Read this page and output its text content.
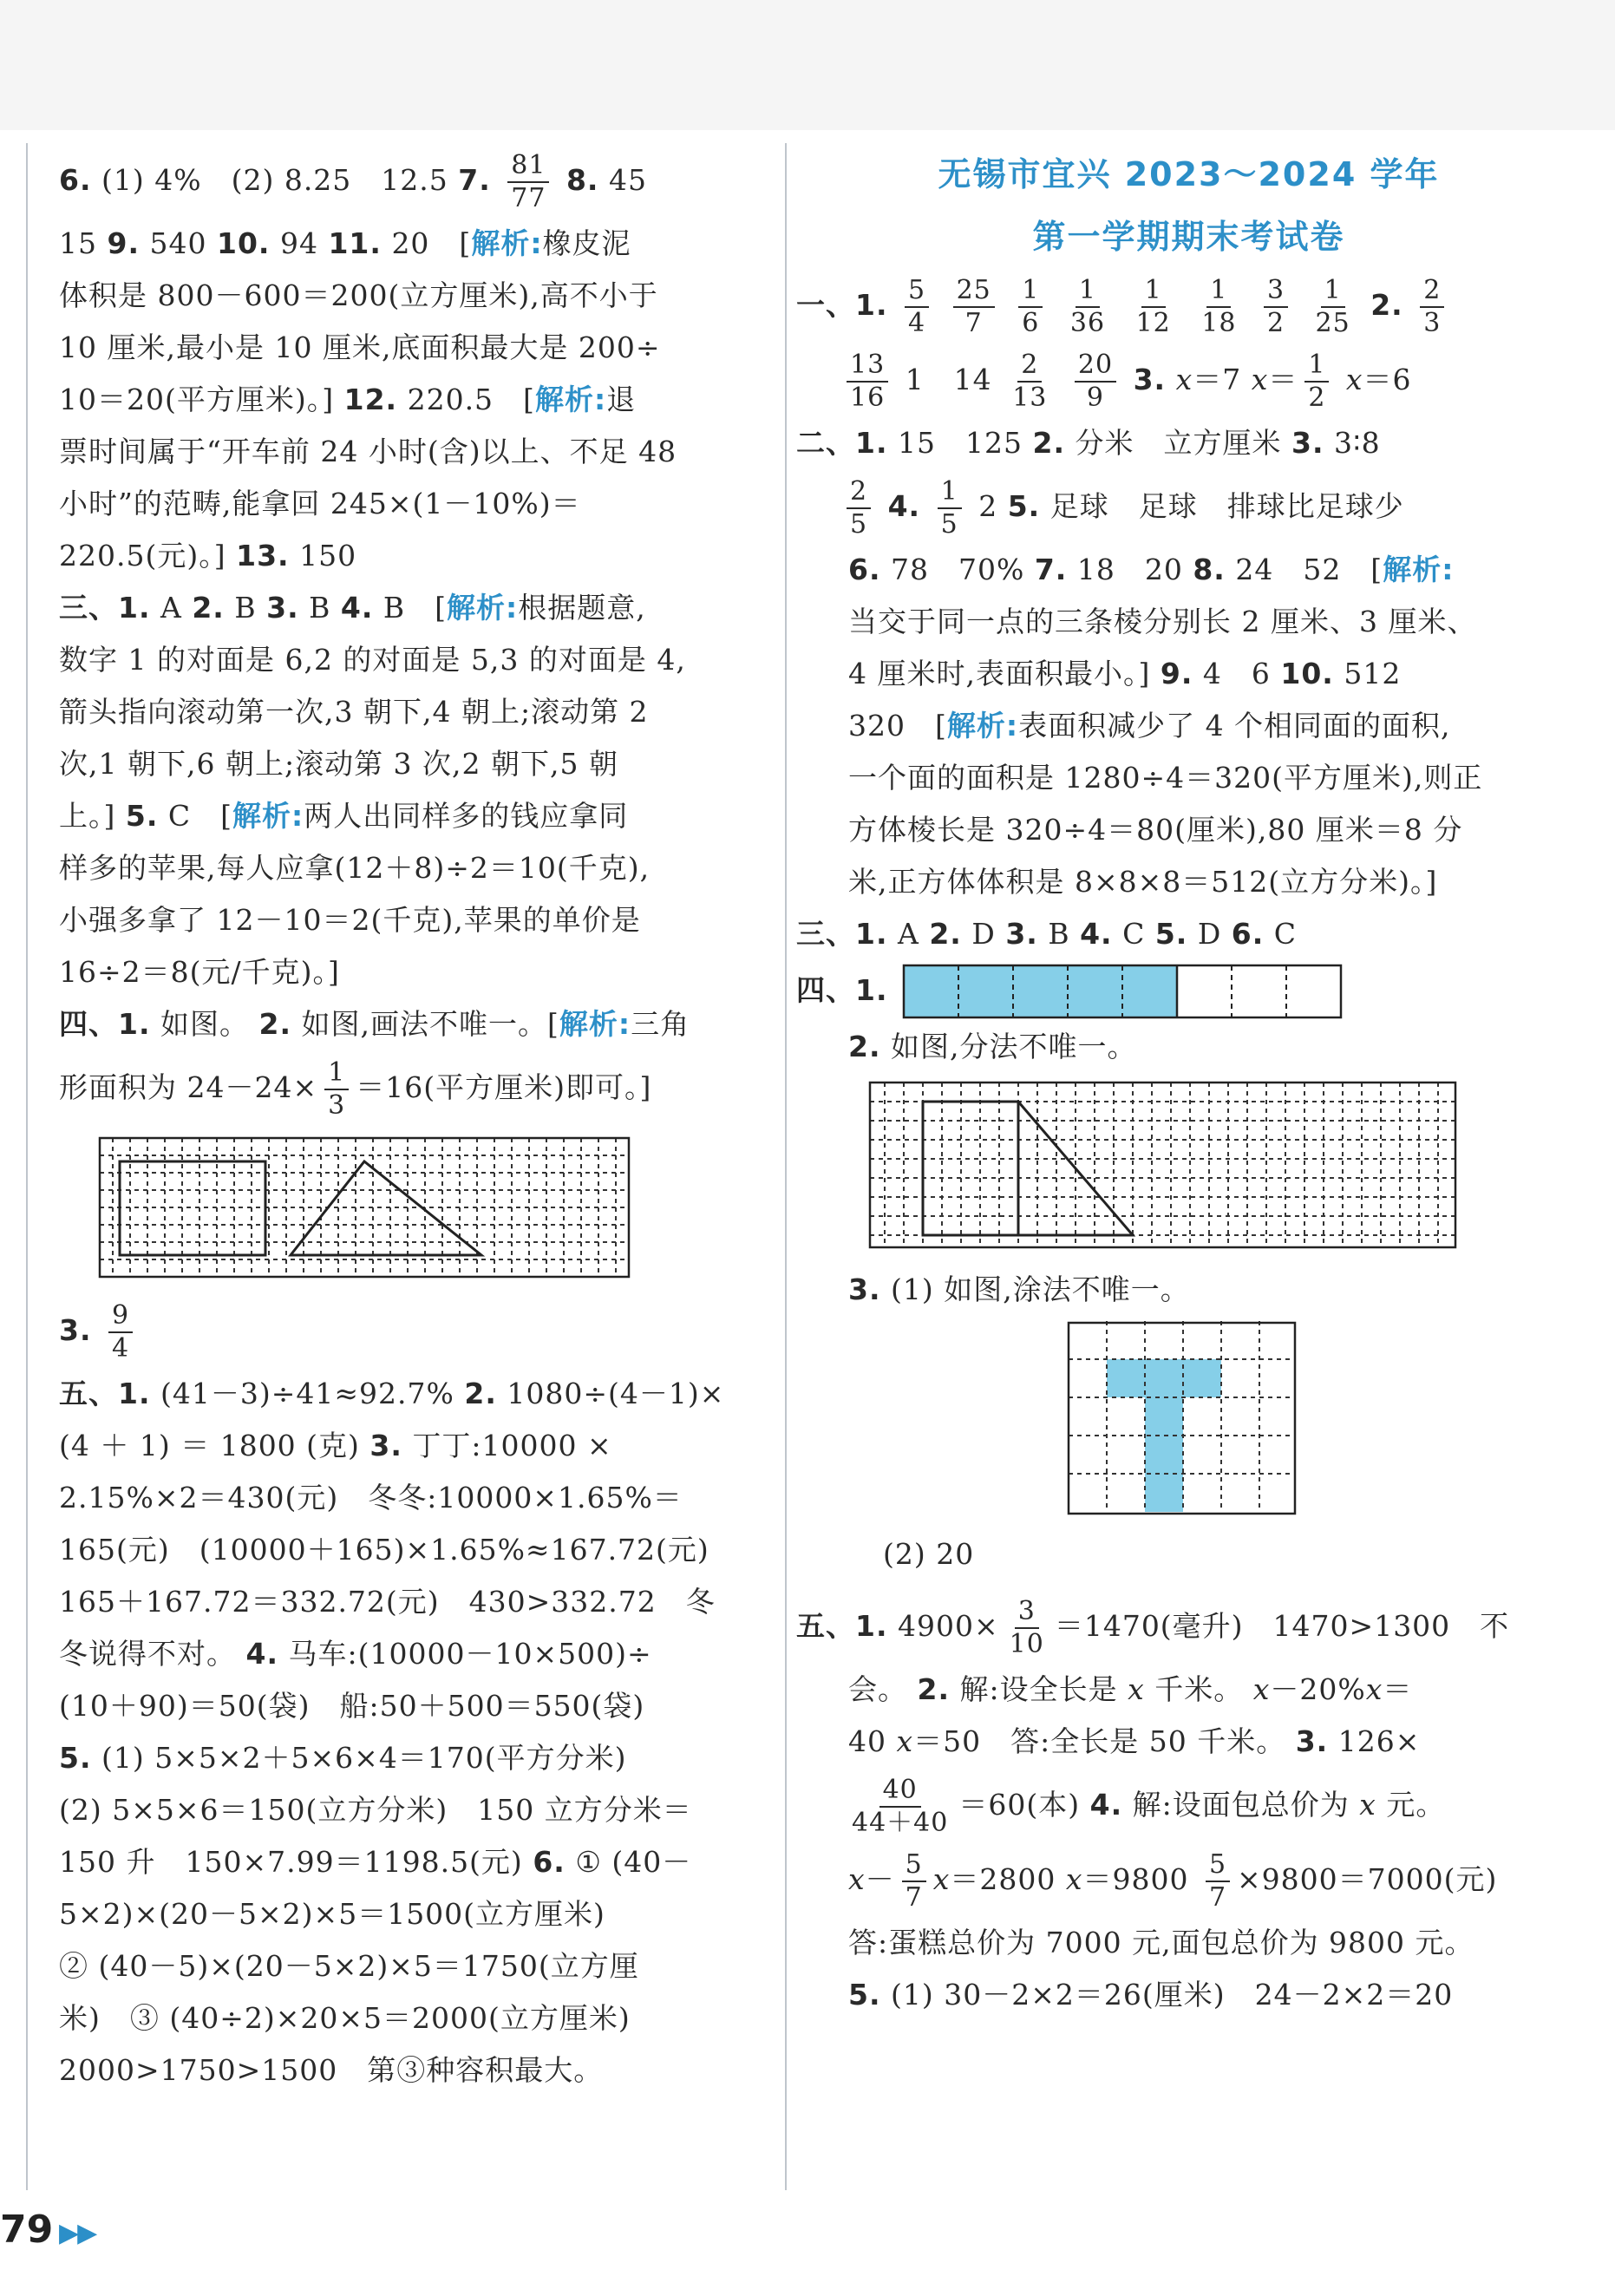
6. (1) 4%　(2) 8.25　12.5 7. $\frac{81}{77} 8$. 45

15 9. 540 10. 94 11. 20　[解析:橡皮泥

体积是 800－600＝200(立方厘米),高不小于

10 厘米,最小是 10 厘米,底面积最大是 200÷

10＝20(平方厘米)。] 12. 220.5　[解析:退

票时间属于“开车前 24 小时(含)以上、不足 48

小时”的范畴,能拿回 245×(1－10%)＝

220.5(元)。] 13. 150

三、1. A 2. B 3. B 4. B　[解析:根据题意,

数字 1 的对面是 6,2 的对面是 5,3 的对面是 4,

箭头指向滚动第一次,3 朝下,4 朝上;滚动第 2

次,1 朝下,6 朝上;滚动第 3 次,2 朝下,5 朝

上。] 5. C　[解析:两人出同样多的钱应拿同

样多的苹果,每人应拿(12＋8)÷2＝10(千克),

小强多拿了 12－10＝2(千克),苹果的单价是

16÷2＝8(元/千克)。]

四、1. 如图。 2. 如图,画法不唯一。[解析:三角

形面积为 $24-24\times \frac{1}{3} =16$(平方厘米)即可。]

3. $\frac{9}{4}$

五、1. (41－3)÷41≈92.7% 2. 1080÷(4－1)×

(4 ＋ 1) ＝ 1800 (克) 3. 丁丁:10000 ×

2.15%×2＝430(元)　冬冬:10000×1.65%＝

165(元)　(10000＋165)×1.65%≈167.72(元)

165＋167.72＝332.72(元)　430>332.72　冬

冬说得不对。 4. 马车:(10000－10×500)÷

(10＋90)＝50(袋)　船:50＋500＝550(袋)

5. (1) 5×5×2＋5×6×4＝170(平方分米)

(2) 5×5×6＝150(立方分米)　150 立方分米＝

150 升　150×7.99＝1198.5(元) 6. ① (40－

5×2)×(20－5×2)×5＝1500(立方厘米)

② (40－5)×(20－5×2)×5＝1750(立方厘

米)　③ (40÷2)×20×5＝2000(立方厘米)

2000>1750>1500　第③种容积最大。

无锡市宜兴 2023～2024 学年
第一学期期末考试卷

一、1. $\frac{5}{4}$
$\frac{25}{7}$
$\frac{1}{6}$
$\frac{1}{36}$
$\frac{1}{12}$
$\frac{1}{18}$
$\frac{3}{2}$
$\frac{1}{25} 2$. $\frac{2}{3}$

$\frac{13}{16} 1$　$14 \frac{2}{13}$
$\frac{20}{9} 3$. x＝7 $x= \frac{1}{2} x=6$

二、1. 15　125 2. 分米　立方厘米 3. 3∶8

$\frac{2}{5} 4$. $\frac{1}{5} 2$ 5. 足球　足球　排球比足球少

6. 78　70% 7. 18　20 8. 24　52　[解析:

当交于同一点的三条棱分别长 2 厘米、3 厘米、

4 厘米时,表面积最小。] 9. 4　6 10. 512

320　[解析:表面积减少了 4 个相同面的面积,

一个面的面积是 1280÷4＝320(平方厘米),则正

方体棱长是 320÷4＝80(厘米),80 厘米＝8 分

米,正方体体积是 8×8×8＝512(立方分米)。]

三、1. A 2. D 3. B 4. C 5. D 6. C

四、1.

2. 如图,分法不唯一。

3. (1) 如图,涂法不唯一。

(2) 20

五、1. $4900\times \frac{3}{10} =1470$(毫升)　1470>1300　不

会。 2. 解:设全长是 x 千米。 x－20%x＝

40 x＝50　答:全长是 50 千米。 3. 126×

$\frac{40}{44+40} =60$(本) 4. 解:设面包总价为 x 元。

$x- \frac{5}{7} x=2800$ $x=9800 \frac{5}{7} \times 9800=7000$(元)

答:蛋糕总价为 7000 元,面包总价为 9800 元。

5. (1) 30－2×2＝26(厘米)　24－2×2＝20

79 ▶▶
